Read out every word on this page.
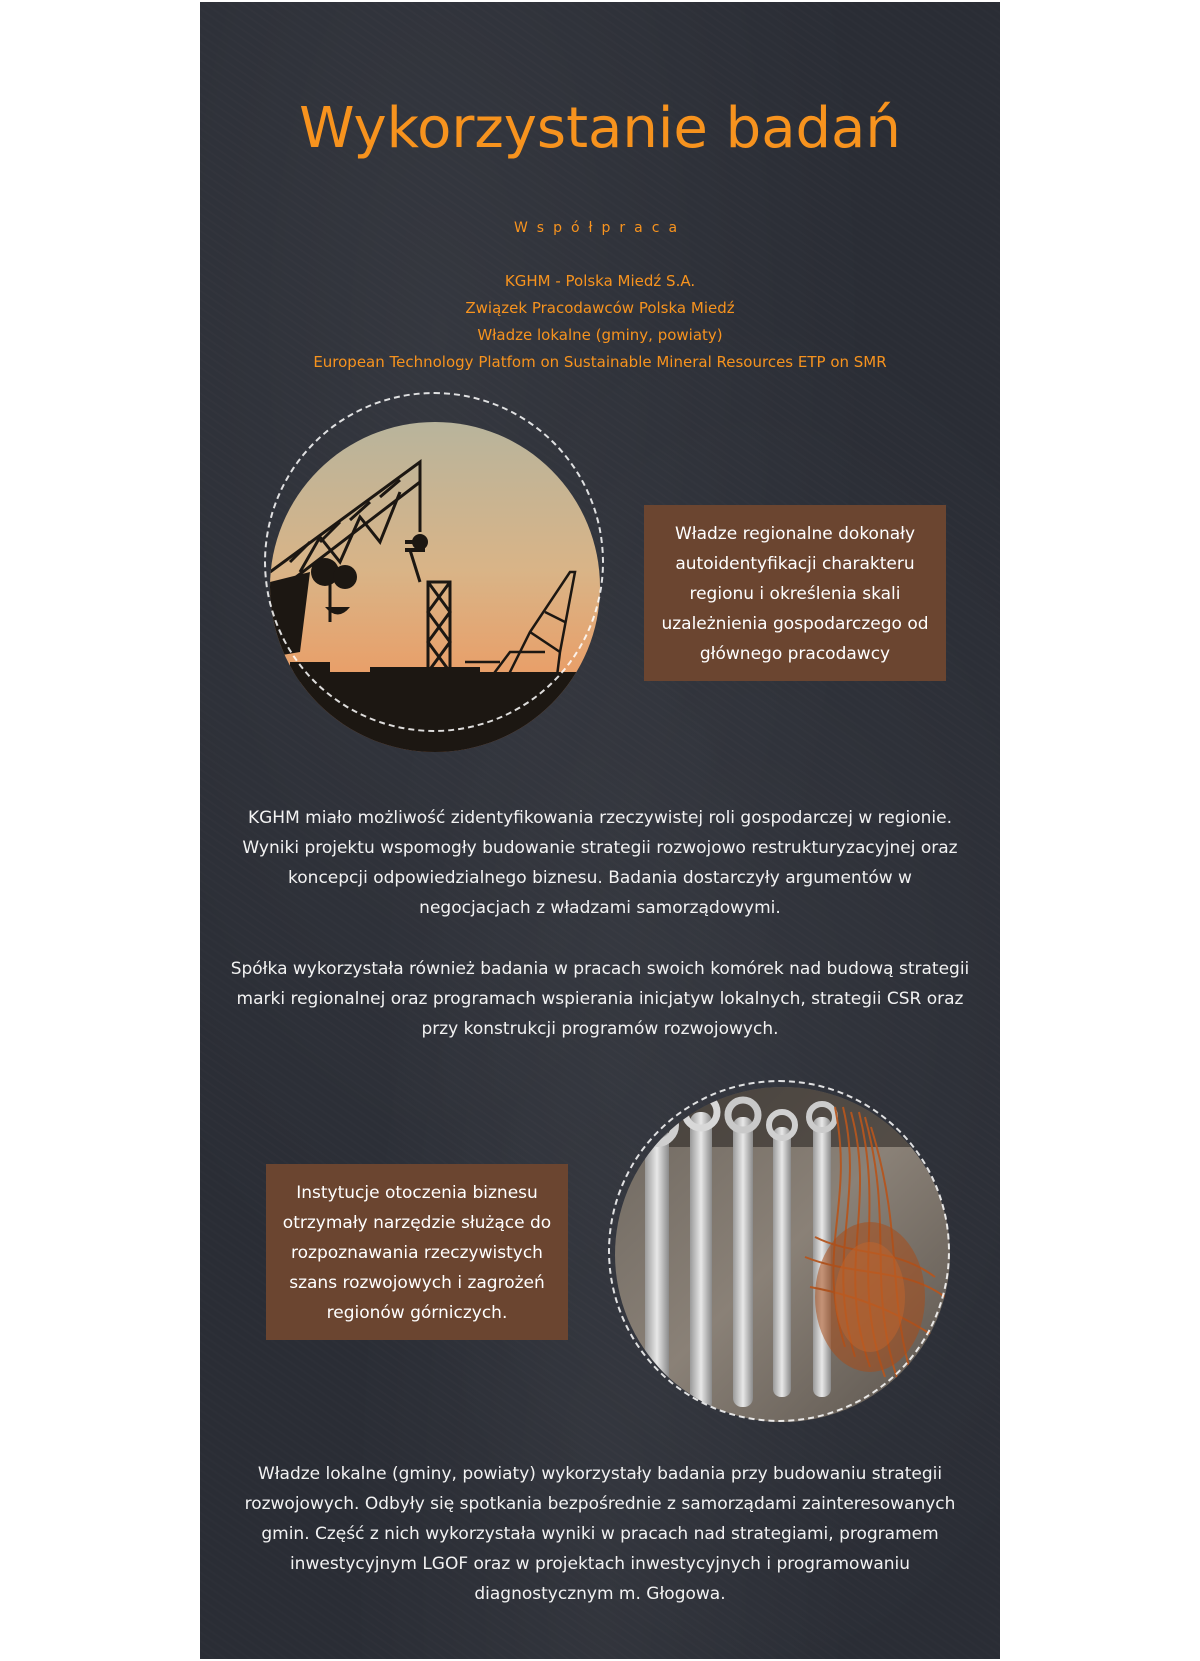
Wykorzystanie badań
Współpraca
KGHM - Polska Miedź S.A.
Związek Pracodawców Polska Miedź
Władze lokalne (gminy, powiaty)
European Technology Platfom on Sustainable Mineral Resources ETP on SMR
Władze regionalne dokonały autoidentyfikacji charakteru regionu i określenia skali uzależnienia gospodarczego od głównego pracodawcy
KGHM miało możliwość zidentyfikowania rzeczywistej roli gospodarczej w regionie. Wyniki projektu wspomogły budowanie strategii rozwojowo restrukturyzacyjnej oraz koncepcji odpowiedzialnego biznesu. Badania dostarczyły argumentów w negocjacjach z władzami samorządowymi.
Spółka wykorzystała również badania w pracach swoich komórek nad budową strategii marki regionalnej oraz programach wspierania inicjatyw lokalnych, strategii CSR oraz przy konstrukcji programów rozwojowych.
Instytucje otoczenia biznesu otrzymały narzędzie służące do rozpoznawania rzeczywistych szans rozwojowych i zagrożeń regionów górniczych.
Władze lokalne (gminy, powiaty) wykorzystały badania przy budowaniu strategii rozwojowych. Odbyły się spotkania bezpośrednie z samorządami zainteresowanych gmin. Część z nich wykorzystała wyniki w pracach nad strategiami, programem inwestycyjnym LGOF oraz w projektach inwestycyjnych i programowaniu diagnostycznym m. Głogowa.
